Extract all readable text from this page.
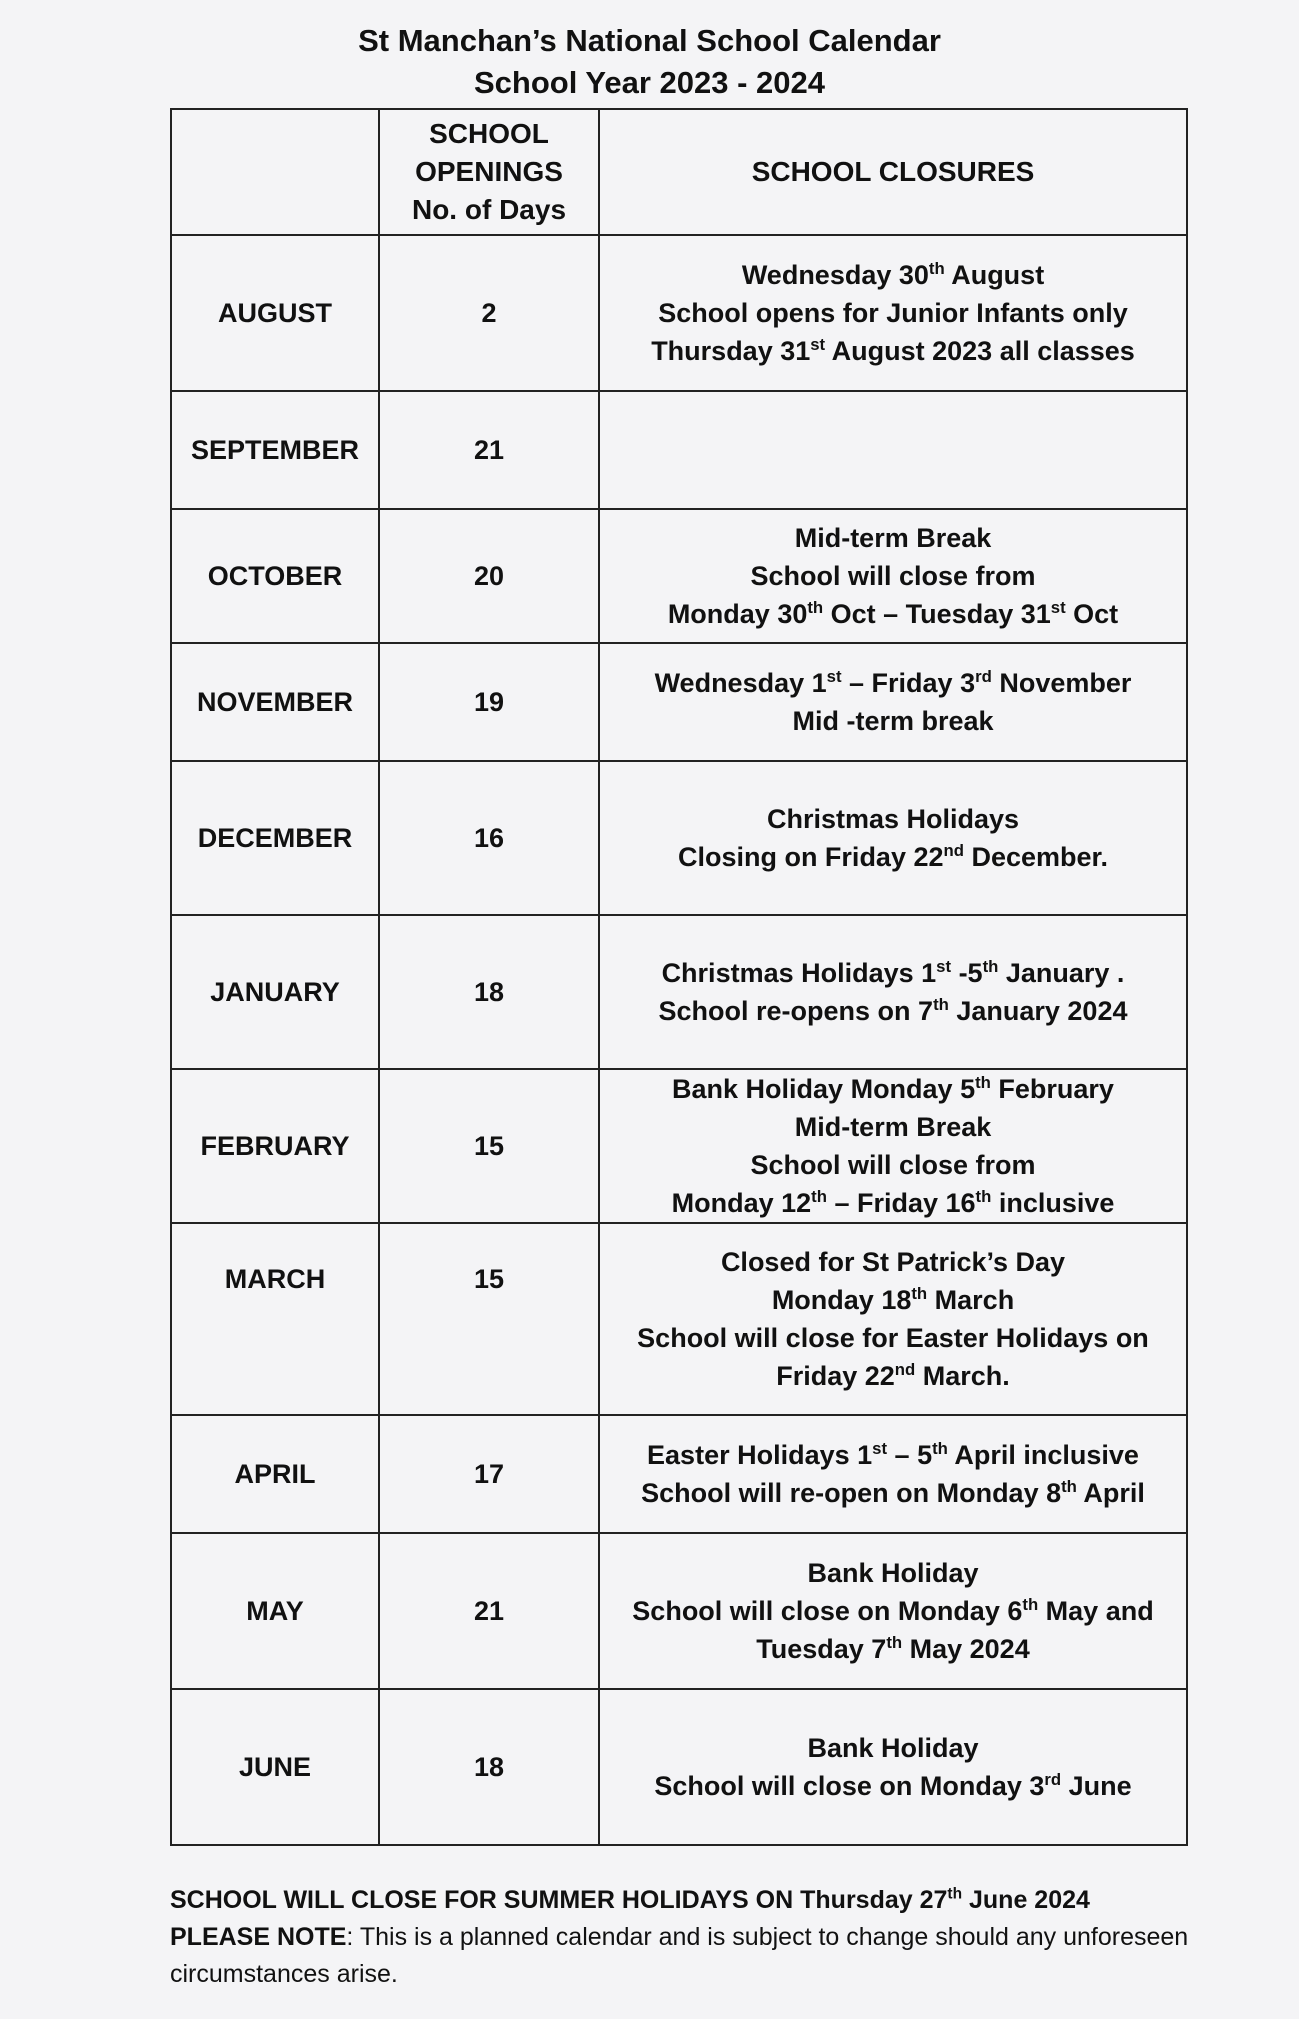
St Manchan’s National School Calendar
School Year 2023 - 2024

	SCHOOL
OPENINGS
No. of Days	SCHOOL CLOSURES
AUGUST	2	Wednesday 30th August
School opens for Junior Infants only
Thursday 31st August 2023 all classes
SEPTEMBER	21	
OCTOBER	20	Mid-term Break
School will close from
Monday 30th Oct – Tuesday 31st Oct
NOVEMBER	19	Wednesday 1st – Friday 3rd November
Mid -term break
DECEMBER	16	Christmas Holidays
Closing on Friday 22nd December.
JANUARY	18	Christmas Holidays 1st -5th January .
School re-opens on 7th January 2024
FEBRUARY	15	Bank Holiday Monday 5th February
Mid-term Break
School will close from
Monday 12th – Friday 16th inclusive
MARCH	15	Closed for St Patrick’s Day
Monday 18th March
School will close for Easter Holidays on
Friday 22nd March.
APRIL	17	Easter Holidays 1st – 5th April inclusive
School will re-open on Monday 8th April
MAY	21	Bank Holiday
School will close on Monday 6th May and
Tuesday 7th May 2024
JUNE	18	Bank Holiday
School will close on Monday 3rd June
SCHOOL WILL CLOSE FOR SUMMER HOLIDAYS ON Thursday 27th June 2024
PLEASE NOTE: This is a planned calendar and is subject to change should any unforeseen circumstances arise.
